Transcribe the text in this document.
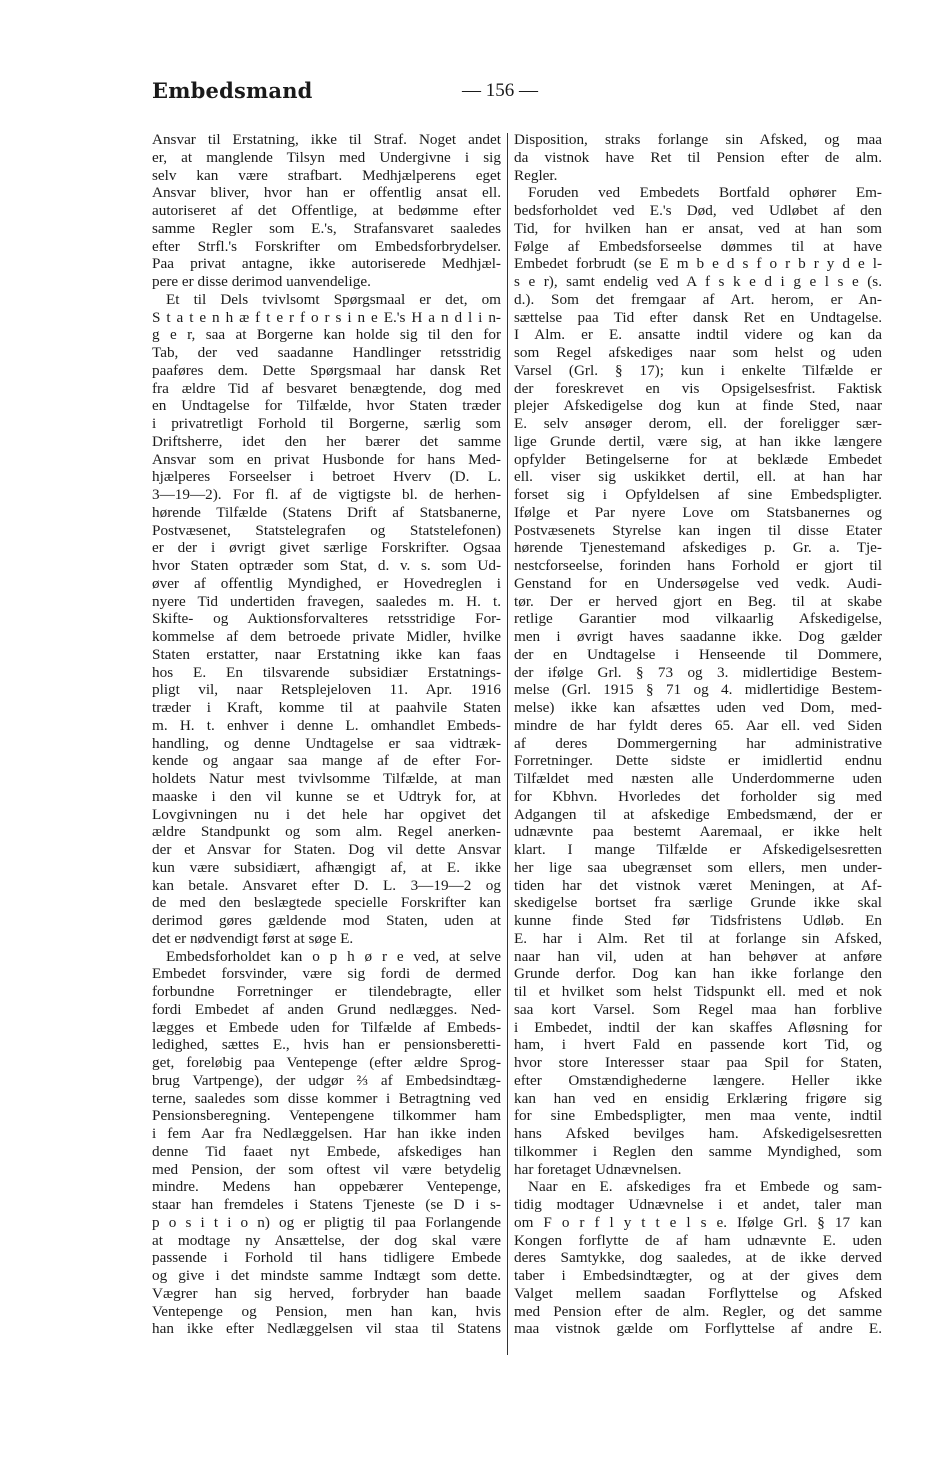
Embedsmand	— 156 —
Ansvar til Erstatning, ikke til Straf. Noget andet
er, at manglende Tilsyn med Undergivne i sig
selv kan være strafbart. Medhjælperens eget
Ansvar bliver, hvor han er offentlig ansat ell.
autoriseret af det Offentlige, at bedømme efter
samme Regler som E.'s, Strafansvaret saaledes
efter Strfl.'s Forskrifter om Embedsforbrydelser.
Paa privat antagne, ikke autoriserede Medhjæl-
pere er disse derimod uanvendelige.
Et til Dels tvivlsomt Spørgsmaal er det, om
S t a t e n h æ f t e r f o r s i n e E.'s H a n d l i n-
g e r, saa at Borgerne kan holde sig til den for
Tab, der ved saadanne Handlinger retsstridig
paaføres dem. Dette Spørgsmaal har dansk Ret
fra ældre Tid af besvaret benægtende, dog med
en Undtagelse for Tilfælde, hvor Staten træder
i privatretligt Forhold til Borgerne, særlig som
Driftsherre, idet den her bærer det samme
Ansvar som en privat Husbonde for hans Med-
hjælperes Forseelser i betroet Hverv (D. L.
3—19—2). For fl. af de vigtigste bl. de herhen-
hørende Tilfælde (Statens Drift af Statsbanerne,
Postvæsenet, Statstelegrafen og Statstelefonen)
er der i øvrigt givet særlige Forskrifter. Ogsaa
hvor Staten optræder som Stat, d. v. s. som Ud-
øver af offentlig Myndighed, er Hovedreglen i
nyere Tid undertiden fravegen, saaledes m. H. t.
Skifte- og Auktionsforvalteres retsstridige For-
kommelse af dem betroede private Midler, hvilke
Staten erstatter, naar Erstatning ikke kan faas
hos E. En tilsvarende subsidiær Erstatnings-
pligt vil, naar Retsplejeloven 11. Apr. 1916
træder i Kraft, komme til at paahvile Staten
m. H. t. enhver i denne L. omhandlet Embeds-
handling, og denne Undtagelse er saa vidtræk-
kende og angaar saa mange af de efter For-
holdets Natur mest tvivlsomme Tilfælde, at man
maaske i den vil kunne se et Udtryk for, at
Lovgivningen nu i det hele har opgivet det
ældre Standpunkt og som alm. Regel anerken-
der et Ansvar for Staten. Dog vil dette Ansvar
kun være subsidiært, afhængigt af, at E. ikke
kan betale. Ansvaret efter D. L. 3—19—2 og
de med den beslægtede specielle Forskrifter kan
derimod gøres gældende mod Staten, uden at
det er nødvendigt først at søge E.
Embedsforholdet kan o p h ø r e ved, at selve
Embedet forsvinder, være sig fordi de dermed
forbundne Forretninger er tilendebragte, eller
fordi Embedet af anden Grund nedlægges. Ned-
lægges et Embede uden for Tilfælde af Embeds-
ledighed, sættes E., hvis han er pensionsberetti-
get, foreløbig paa Ventepenge (efter ældre Sprog-
brug Vartpenge), der udgør ⅔ af Embedsindtæg-
terne, saaledes som disse kommer i Betragtning ved
Pensionsberegning. Ventepengene tilkommer ham
i fem Aar fra Nedlæggelsen. Har han ikke inden
denne Tid faaet nyt Embede, afskediges han
med Pension, der som oftest vil være betydelig
mindre. Medens han oppebærer Ventepenge,
staar han fremdeles i Statens Tjeneste (se D i s-
p o s i t i o n) og er pligtig til paa Forlangende
at modtage ny Ansættelse, der dog skal være
passende i Forhold til hans tidligere Embede
og give i det mindste samme Indtægt som dette.
Vægrer han sig herved, forbryder han baade
Ventepenge og Pension, men han kan, hvis
han ikke efter Nedlæggelsen vil staa til Statens
Disposition, straks forlange sin Afsked, og maa
da vistnok have Ret til Pension efter de alm.
Regler.
Foruden ved Embedets Bortfald ophører Em-
bedsforholdet ved E.'s Død, ved Udløbet af den
Tid, for hvilken han er ansat, ved at han som
Følge af Embedsforseelse dømmes til at have
Embedet forbrudt (se E m b e d s f o r b r y d e l-
s e r), samt endelig ved A f s k e d i g e l s e (s.
d.). Som det fremgaar af Art. herom, er An-
sættelse paa Tid efter dansk Ret en Undtagelse.
I Alm. er E. ansatte indtil videre og kan da
som Regel afskediges naar som helst og uden
Varsel (Grl. § 17); kun i enkelte Tilfælde er
der foreskrevet en vis Opsigelsesfrist. Faktisk
plejer Afskedigelse dog kun at finde Sted, naar
E. selv ansøger derom, ell. der foreligger sær-
lige Grunde dertil, være sig, at han ikke længere
opfylder Betingelserne for at beklæde Embedet
ell. viser sig uskikket dertil, ell. at han har
forset sig i Opfyldelsen af sine Embedspligter.
Ifølge et Par nyere Love om Statsbanernes og
Postvæsenets Styrelse kan ingen til disse Etater
hørende Tjenestemand afskediges p. Gr. a. Tje-
nestcforseelse, forinden hans Forhold er gjort til
Genstand for en Undersøgelse ved vedk. Audi-
tør. Der er herved gjort en Beg. til at skabe
retlige Garantier mod vilkaarlig Afskedigelse,
men i øvrigt haves saadanne ikke. Dog gælder
der en Undtagelse i Henseende til Dommere,
der ifølge Grl. § 73 og 3. midlertidige Bestem-
melse (Grl. 1915 § 71 og 4. midlertidige Bestem-
melse) ikke kan afsættes uden ved Dom, med-
mindre de har fyldt deres 65. Aar ell. ved Siden
af deres Dommergerning har administrative
Forretninger. Dette sidste er imidlertid endnu
Tilfældet med næsten alle Underdommerne uden
for Kbhvn. Hvorledes det forholder sig med
Adgangen til at afskedige Embedsmænd, der er
udnævnte paa bestemt Aaremaal, er ikke helt
klart. I mange Tilfælde er Afskedigelsesretten
her lige saa ubegrænset som ellers, men under-
tiden har det vistnok været Meningen, at Af-
skedigelse bortset fra særlige Grunde ikke skal
kunne finde Sted før Tidsfristens Udløb. En
E. har i Alm. Ret til at forlange sin Afsked,
naar han vil, uden at han behøver at anføre
Grunde derfor. Dog kan han ikke forlange den
til et hvilket som helst Tidspunkt ell. med et nok
saa kort Varsel. Som Regel maa han forblive
i Embedet, indtil der kan skaffes Afløsning for
ham, i hvert Fald en passende kort Tid, og
hvor store Interesser staar paa Spil for Staten,
efter Omstændighederne længere. Heller ikke
kan han ved en ensidig Erklæring frigøre sig
for sine Embedspligter, men maa vente, indtil
hans Afsked bevilges ham. Afskedigelsesretten
tilkommer i Reglen den samme Myndighed, som
har foretaget Udnævnelsen.
Naar en E. afskediges fra et Embede og sam-
tidig modtager Udnævnelse i et andet, taler man
om F o r f l y t t e l s e. Ifølge Grl. § 17 kan
Kongen forflytte de af ham udnævnte E. uden
deres Samtykke, dog saaledes, at de ikke derved
taber i Embedsindtægter, og at der gives dem
Valget mellem saadan Forflyttelse og Afsked
med Pension efter de alm. Regler, og det samme
maa vistnok gælde om Forflyttelse af andre E.
